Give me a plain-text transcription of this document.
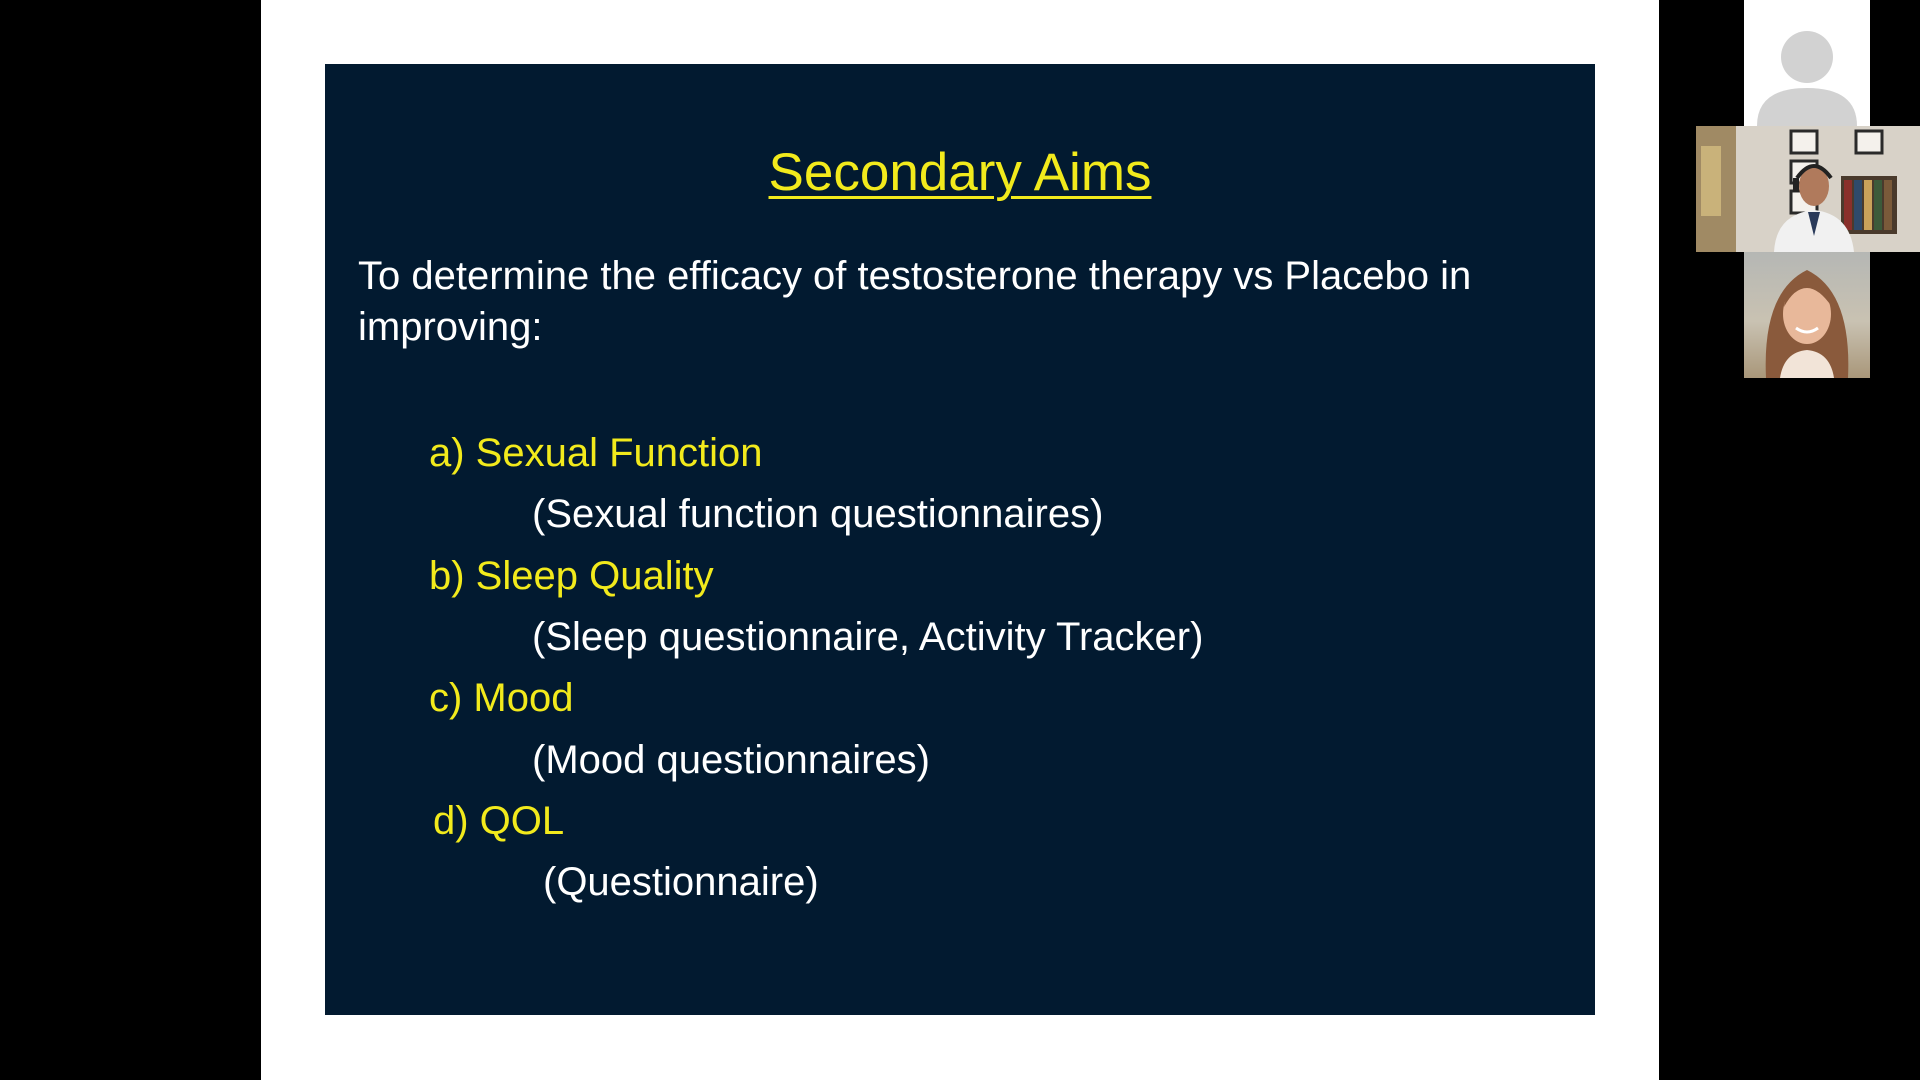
Secondary Aims

To determine the efficacy of testosterone therapy vs Placebo in improving:

a) Sexual Function

(Sexual function questionnaires)

b) Sleep Quality

(Sleep questionnaire, Activity Tracker)

c) Mood

(Mood questionnaires)

d) QOL

(Questionnaire)
